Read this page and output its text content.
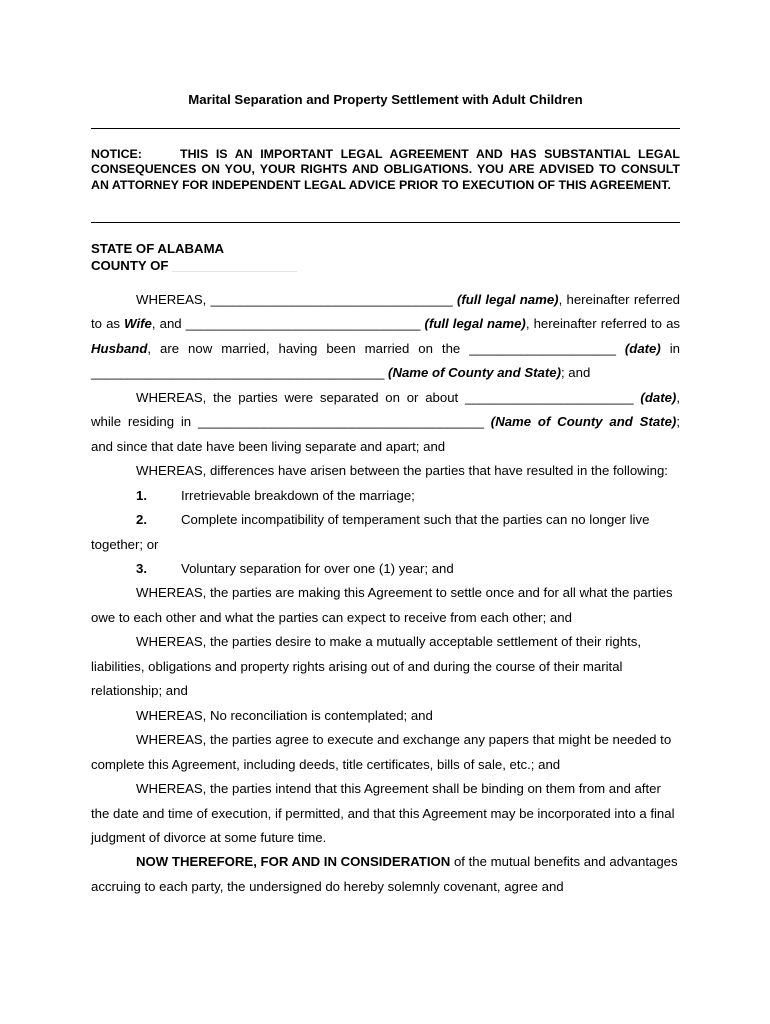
Marital Separation and Property Settlement with Adult Children
NOTICE:	THIS IS AN IMPORTANT LEGAL AGREEMENT AND HAS SUBSTANTIAL LEGAL CONSEQUENCES ON YOU, YOUR RIGHTS AND OBLIGATIONS. YOU ARE ADVISED TO CONSULT AN ATTORNEY FOR INDEPENDENT LEGAL ADVICE PRIOR TO EXECUTION OF THIS AGREEMENT.
STATE OF ALABAMA
COUNTY OF _________________

WHEREAS, _________________________________ (full legal name), hereinafter referred to as Wife, and ________________________________ (full legal name), hereinafter referred to as Husband, are now married, having been married on the ____________________ (date) in ________________________________________ (Name of County and State); and

WHEREAS, the parties were separated on or about _______________________ (date), while residing in _______________________________________ (Name of County and State); and since that date have been living separate and apart; and

WHEREAS, differences have arisen between the parties that have resulted in the following:

1.	Irretrievable breakdown of the marriage;

2.	Complete incompatibility of temperament such that the parties can no longer live together; or

3.	Voluntary separation for over one (1) year; and

WHEREAS, the parties are making this Agreement to settle once and for all what the parties owe to each other and what the parties can expect to receive from each other; and

WHEREAS, the parties desire to make a mutually acceptable settlement of their rights, liabilities, obligations and property rights arising out of and during the course of their marital relationship; and

WHEREAS, No reconciliation is contemplated; and

WHEREAS, the parties agree to execute and exchange any papers that might be needed to complete this Agreement, including deeds, title certificates, bills of sale, etc.; and

WHEREAS, the parties intend that this Agreement shall be binding on them from and after the date and time of execution, if permitted, and that this Agreement may be incorporated into a final judgment of divorce at some future time.

NOW THEREFORE, FOR AND IN CONSIDERATION of the mutual benefits and advantages accruing to each party, the undersigned do hereby solemnly covenant, agree and
